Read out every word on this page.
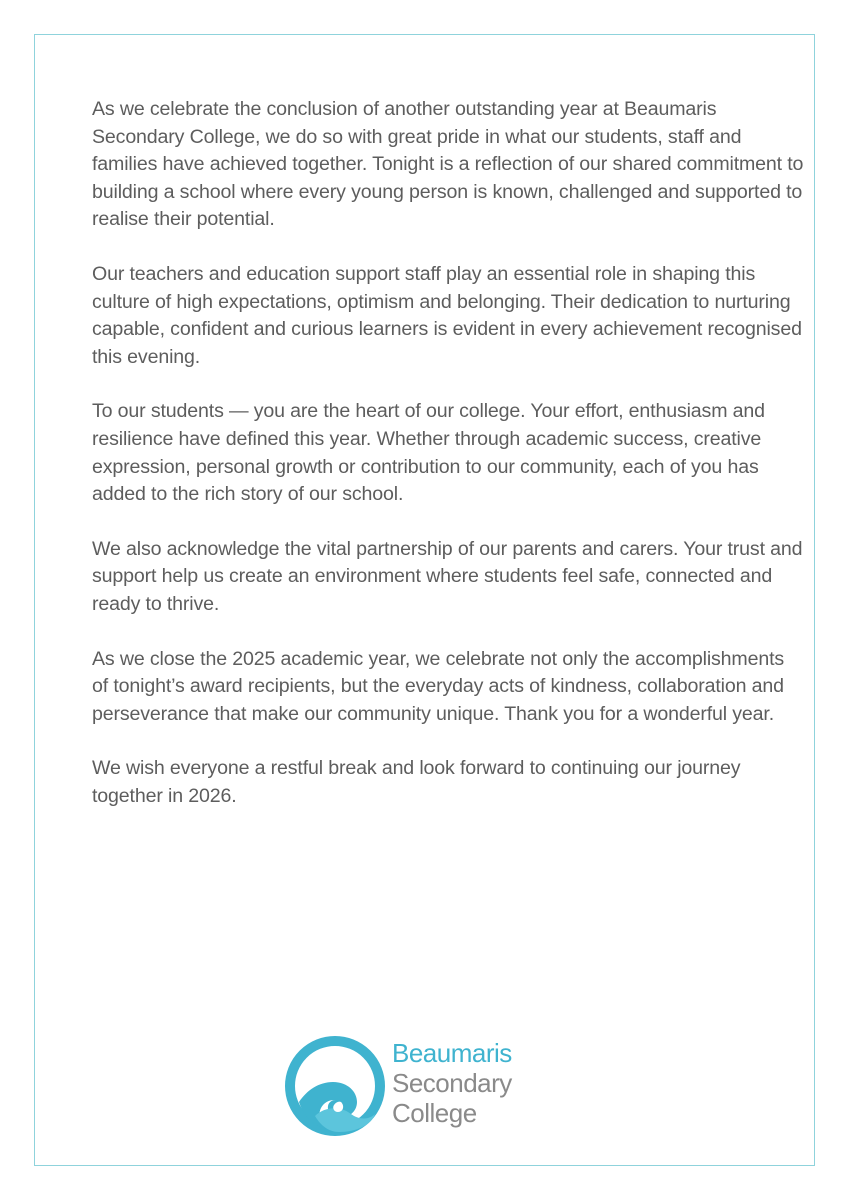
As we celebrate the conclusion of another outstanding year at Beaumaris Secondary College, we do so with great pride in what our students, staff and families have achieved together. Tonight is a reflection of our shared commitment to building a school where every young person is known, challenged and supported to realise their potential.

Our teachers and education support staff play an essential role in shaping this culture of high expectations, optimism and belonging. Their dedication to nurturing capable, confident and curious learners is evident in every achievement recognised this evening.

To our students — you are the heart of our college. Your effort, enthusiasm and resilience have defined this year. Whether through academic success, creative expression, personal growth or contribution to our community, each of you has added to the rich story of our school.

We also acknowledge the vital partnership of our parents and carers. Your trust and support help us create an environment where students feel safe, connected and ready to thrive.

As we close the 2025 academic year, we celebrate not only the accomplishments of tonight’s award recipients, but the everyday acts of kindness, collaboration and perseverance that make our community unique. Thank you for a wonderful year.

We wish everyone a restful break and look forward to continuing our journey together in 2026.

Beaumaris
Secondary
College
